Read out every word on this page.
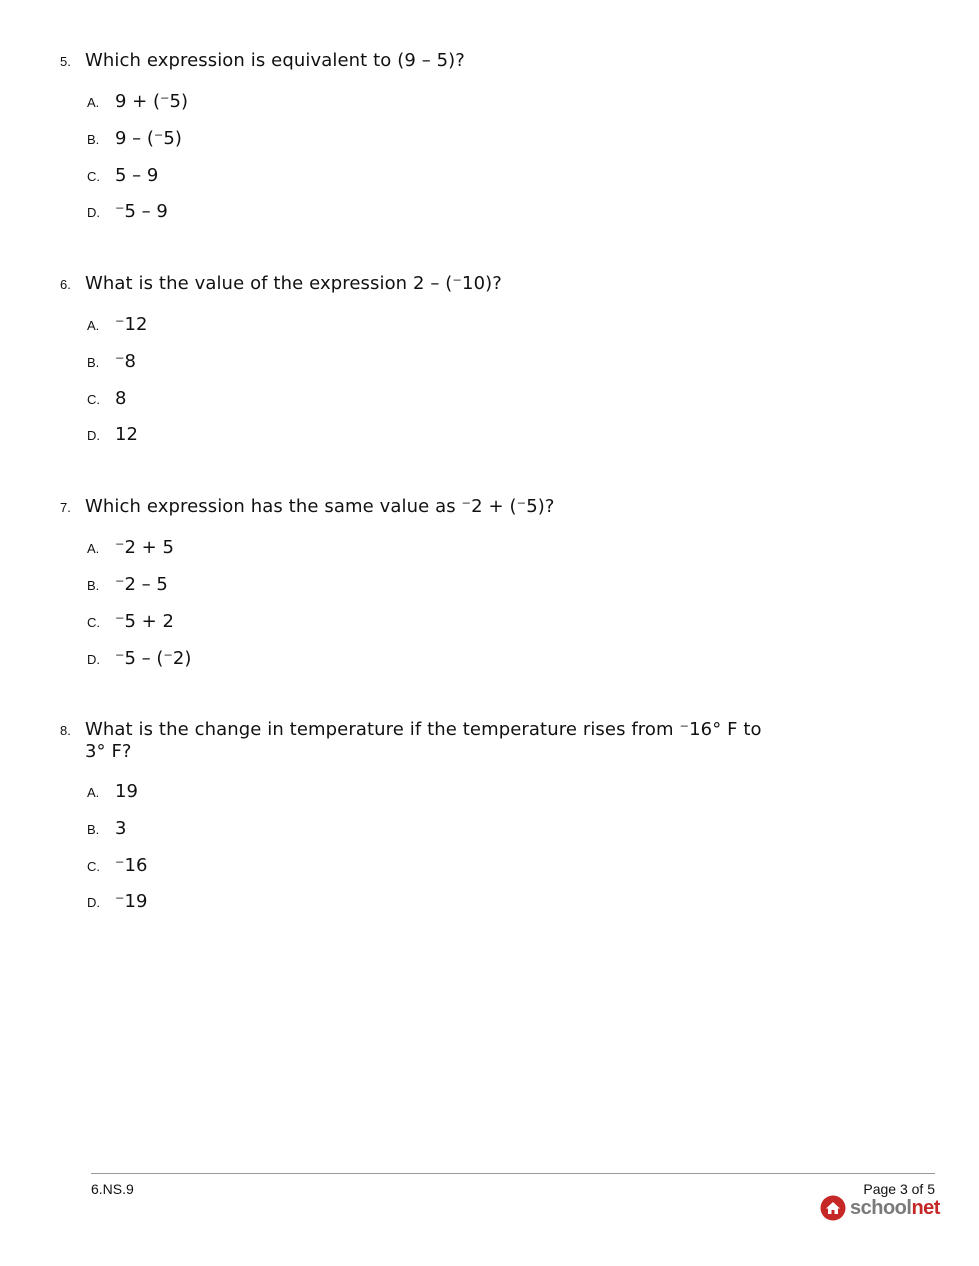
5. Which expression is equivalent to (9 – 5)?
A. 9 + (⁻5)
B. 9 – (⁻5)
C. 5 – 9
D. ⁻5 – 9
6. What is the value of the expression 2 – (⁻10)?
A. ⁻12
B. ⁻8
C. 8
D. 12
7. Which expression has the same value as ⁻2 + (⁻5)?
A. ⁻2 + 5
B. ⁻2 – 5
C. ⁻5 + 2
D. ⁻5 – (⁻2)
8. What is the change in temperature if the temperature rises from ⁻16° F to 3° F?
A. 19
B. 3
C. ⁻16
D. ⁻19
6.NS.9	Page 3 of 5
schoolnet
